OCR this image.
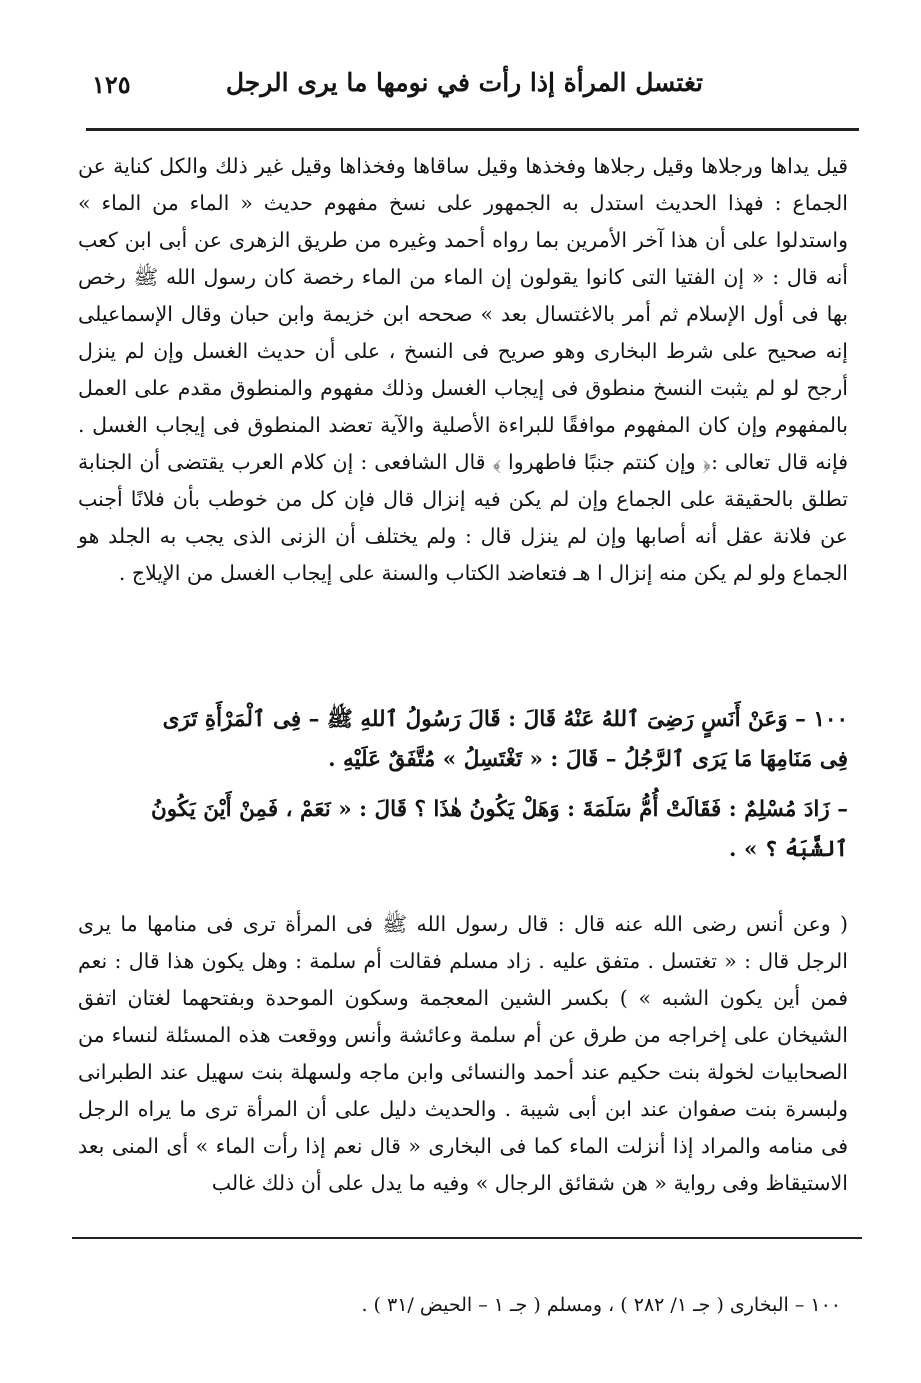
تغتسل المرأة إذا رأت في نومها ما يرى الرجل
١٢٥
قيل يداها ورجلاها وقيل رجلاها وفخذها وقيل ساقاها وفخذاها وقيل غير ذلك والكل كناية عن الجماع : فهذا الحديث استدل به الجمهور على نسخ مفهوم حديث « الماء من الماء » واستدلوا على أن هذا آخر الأمرين بما رواه أحمد وغيره من طريق الزهرى عن أبى ابن كعب أنه قال : « إن الفتيا التى كانوا يقولون إن الماء من الماء رخصة كان رسول الله ﷺ رخص بها فى أول الإسلام ثم أمر بالاغتسال بعد » صححه ابن خزيمة وابن حبان وقال الإسماعيلى إنه صحيح على شرط البخارى وهو صريح فى النسخ ، على أن حديث الغسل وإن لم ينزل أرجح لو لم يثبت النسخ منطوق فى إيجاب الغسل وذلك مفهوم والمنطوق مقدم على العمل بالمفهوم وإن كان المفهوم موافقًا للبراءة الأصلية والآية تعضد المنطوق فى إيجاب الغسل . فإنه قال تعالى :﴿ وإن كنتم جنبًا فاطهروا ﴾ قال الشافعى : إن كلام العرب يقتضى أن الجنابة تطلق بالحقيقة على الجماع وإن لم يكن فيه إنزال قال فإن كل من خوطب بأن فلانًا أجنب عن فلانة عقل أنه أصابها وإن لم ينزل قال : ولم يختلف أن الزنى الذى يجب به الجلد هو الجماع ولو لم يكن منه إنزال ا هـ فتعاضد الكتاب والسنة على إيجاب الغسل من الإيلاج .
١٠٠ – وَعَنْ أَنَسٍ رَضِىَ ٱللهُ عَنْهُ قَالَ : قَالَ رَسُولُ ٱللهِ ﷺ – فِى ٱلْمَرْأَةِ تَرَى
فِى مَنَامِهَا مَا يَرَى ٱلرَّجُلُ – قَالَ : « تَغْتَسِلُ » مُتَّفَقٌ عَلَيْهِ .
– زَادَ مُسْلِمٌ : فَقَالَتْ أُمُّ سَلَمَةَ : وَهَلْ يَكُونُ هٰذَا ؟ قَالَ : « نَعَمْ ، فَمِنْ أَيْنَ يَكُونُ
ٱلشَّبَهُ ؟ » .
( وعن أنس رضى الله عنه قال : قال رسول الله ﷺ فى المرأة ترى فى منامها ما يرى الرجل قال : « تغتسل . متفق عليه . زاد مسلم فقالت أم سلمة : وهل يكون هذا قال : نعم فمن أين يكون الشبه » ) بكسر الشين المعجمة وسكون الموحدة وبفتحهما لغتان اتفق الشيخان على إخراجه من طرق عن أم سلمة وعائشة وأنس ووقعت هذه المسئلة لنساء من الصحابيات لخولة بنت حكيم عند أحمد والنسائى وابن ماجه ولسهلة بنت سهيل عند الطبرانى ولبسرة بنت صفوان عند ابن أبى شيبة . والحديث دليل على أن المرأة ترى ما يراه الرجل فى منامه والمراد إذا أنزلت الماء كما فى البخارى « قال نعم إذا رأت الماء » أى المنى بعد الاستيقاظ وفى رواية « هن شقائق الرجال » وفيه ما يدل على أن ذلك غالب
١٠٠ – البخارى ( جـ ١/ ٢٨٢ ) ، ومسلم ( جـ ١ – الحيض /٣١ ) .
